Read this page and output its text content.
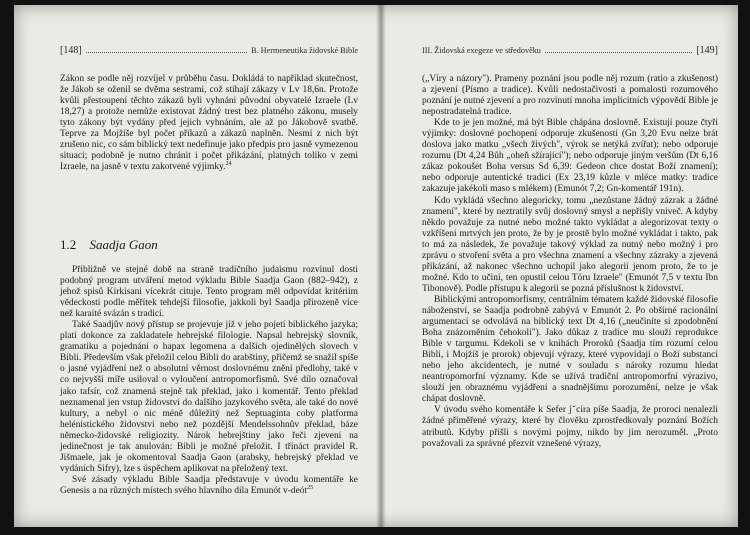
[148]	B. Hermeneutika židovské Bible

Zákon se podle něj rozvíjel v průběhu času. Dokládá to například skutečnost, že Jákob se oženil se dvěma sestrami, což stíhají zákazy v Lv 18,6n. Protože kvůli přestoupení těchto zákazů byli vyhnáni původní obyvatelé Izraele (Lv 18,27) a protože nemůže existovat žádný trest bez platného zákonu, musely tyto zákony být vydány před jejich vyhnáním, ale až po Jákobově svatbě. Teprve za Mojžíše byl počet příkazů a zákazů naplněn. Nesmí z nich být zrušeno nic, co sám biblický text nedefinuje jako předpis pro jasně vymezenou situaci; podobně je nutno chránit i počet přikázání, platných toliko v zemi Izraele, na jasně v textu zakotvené výjimky.$^{24}$

1.2 Saadja Gaon

Přibližně ve stejné době na straně tradičního judaismu rozvinul dosti podobný program utváření metod výkladu Bible Saadja Gaon (882–942), z jehož spisů Kirkisani vícekrát cituje. Tento program měl odpovídat kritériím vědeckosti podle měřítek tehdejší filosofie, jakkoli byl Saadja přirozeně více než karaité svázán s tradicí.

Také Saadjův nový přístup se projevuje již v jeho pojetí biblického jazyka; platí dokonce za zakladatele hebrejské filologie. Napsal hebrejský slovník, gramatiku a pojednání o hapax legomena a dalších ojedinělých slovech v Bibli. Především však přeložil celou Bibli do arabštiny, přičemž se snažil spíše o jasné vyjádření než o absolutní věrnost doslovnému znění předlohy, také v co nejvyšší míře usiloval o vyloučení antropomorfismů. Své dílo označoval jako tafsír, což znamená stejně tak překlad, jako i komentář. Tento překlad neznamenal jen vstup židovství do dalšího jazykového světa, ale také do nové kultury, a nebyl o nic méně důležitý než Septuaginta coby platforma helénistického židovství nebo než pozdější Mendelssohnův překlad, báze německo-židovské religiozity. Nárok hebrejštiny jako řeči zjevení na jedinečnost je tak anulován: Bibli je možné přeložit. I třináct pravidel R. Jišmaele, jak je okomentoval Saadja Gaon (arabsky, hebrejský překlad ve vydáních Sifry), lze s úspěchem aplikovat na přeložený text.

Své zásady výkladu Bible Saadja představuje v úvodu komentáře ke Genesis a na různých místech svého hlavního díla Emunót v-deót$^{25}$

III. Židovská exegeze ve středověku	[149]

(„Víry a názory"). Prameny poznání jsou podle něj rozum (ratio a zkušenost) a zjevení (Písmo a tradice). Kvůli nedostačivosti a pomalosti rozumového poznání je nutné zjevení a pro rozvinutí mnoha implicitních výpovědí Bible je nepostradatelná tradice.

Kde to je jen možné, má být Bible chápána doslovně. Existují pouze čtyři výjimky: doslovné pochopení odporuje zkušenosti (Gn 3,20 Evu nelze brát doslova jako matku „všech živých", výrok se netýká zvířat); nebo odporuje rozumu (Dt 4,24 Bůh „oheň sžírající"); nebo odporuje jiným veršům (Dt 6,16 zákaz pokoušet Boha versus Sd 6,39: Gedeon chce dostat Boží znamení); nebo odporuje autentické tradici (Ex 23,19 kůzle v mléce matky: tradice zakazuje jakékoli maso s mlékem) (Emunót 7,2; Gn-komentář 191n).

Kdo vykládá všechno alegoricky, tomu „nezůstane žádný zázrak a žádné znamení", které by neztratily svůj doslovný smysl a nepřišly vniveč. A kdyby někdo považuje za nutné nebo možné takto vykládat a alegorizovat texty o vzkříšení mrtvých jen proto, že by je prostě bylo možné vykládat i takto, pak to má za následek, že považuje takový výklad za nutný nebo možný i pro zprávu o stvoření světa a pro všechna znamení a všechny zázraky a zjevená přikázání, až nakonec všechno uchopil jako alegorii jenom proto, že to je možné. Kdo to učiní, ten opustil celou Tóru Izraele" (Emunót 7,5 v textu Ibn Tibonově). Podle přístupu k alegorii se pozná příslušnost k židovství.

Biblickými antropomorfismy, centrálním tématem každé židovské filosofie náboženství, se Saadja podrobně zabývá v Emunót 2. Po obšírné racionální argumentaci se odvolává na biblický text Dt 4,16 („neučiníte si zpodobnění Boha znázorněním čehokoli"). Jako důkaz z tradice mu slouží reprodukce Bible v targumu. Kdekoli se v knihách Proroků (Saadja tím rozumí celou Bibli, i Mojžíš je prorok) objevují výrazy, které vypovídají o Boží substanci nebo jeho akcidentech, je nutné v souladu s nároky rozumu hledat neantropomorfní významy. Kde se užívá tradiční antropomorfní výrazivo, slouží jen obraznému vyjádření a snadnějšímu porozumění, nelze je však chápat doslovně.

V úvodu svého komentáře k Sefer jˇcíra píše Saadja, že proroci nenalezli žádné přiměřené výrazy, které by člověku zprostředkovaly poznání Božích atributů. Kdyby přišli s novými pojmy, nikdo by jim nerozuměl. „Proto považovali za správné přezvít vznešené výrazy,
